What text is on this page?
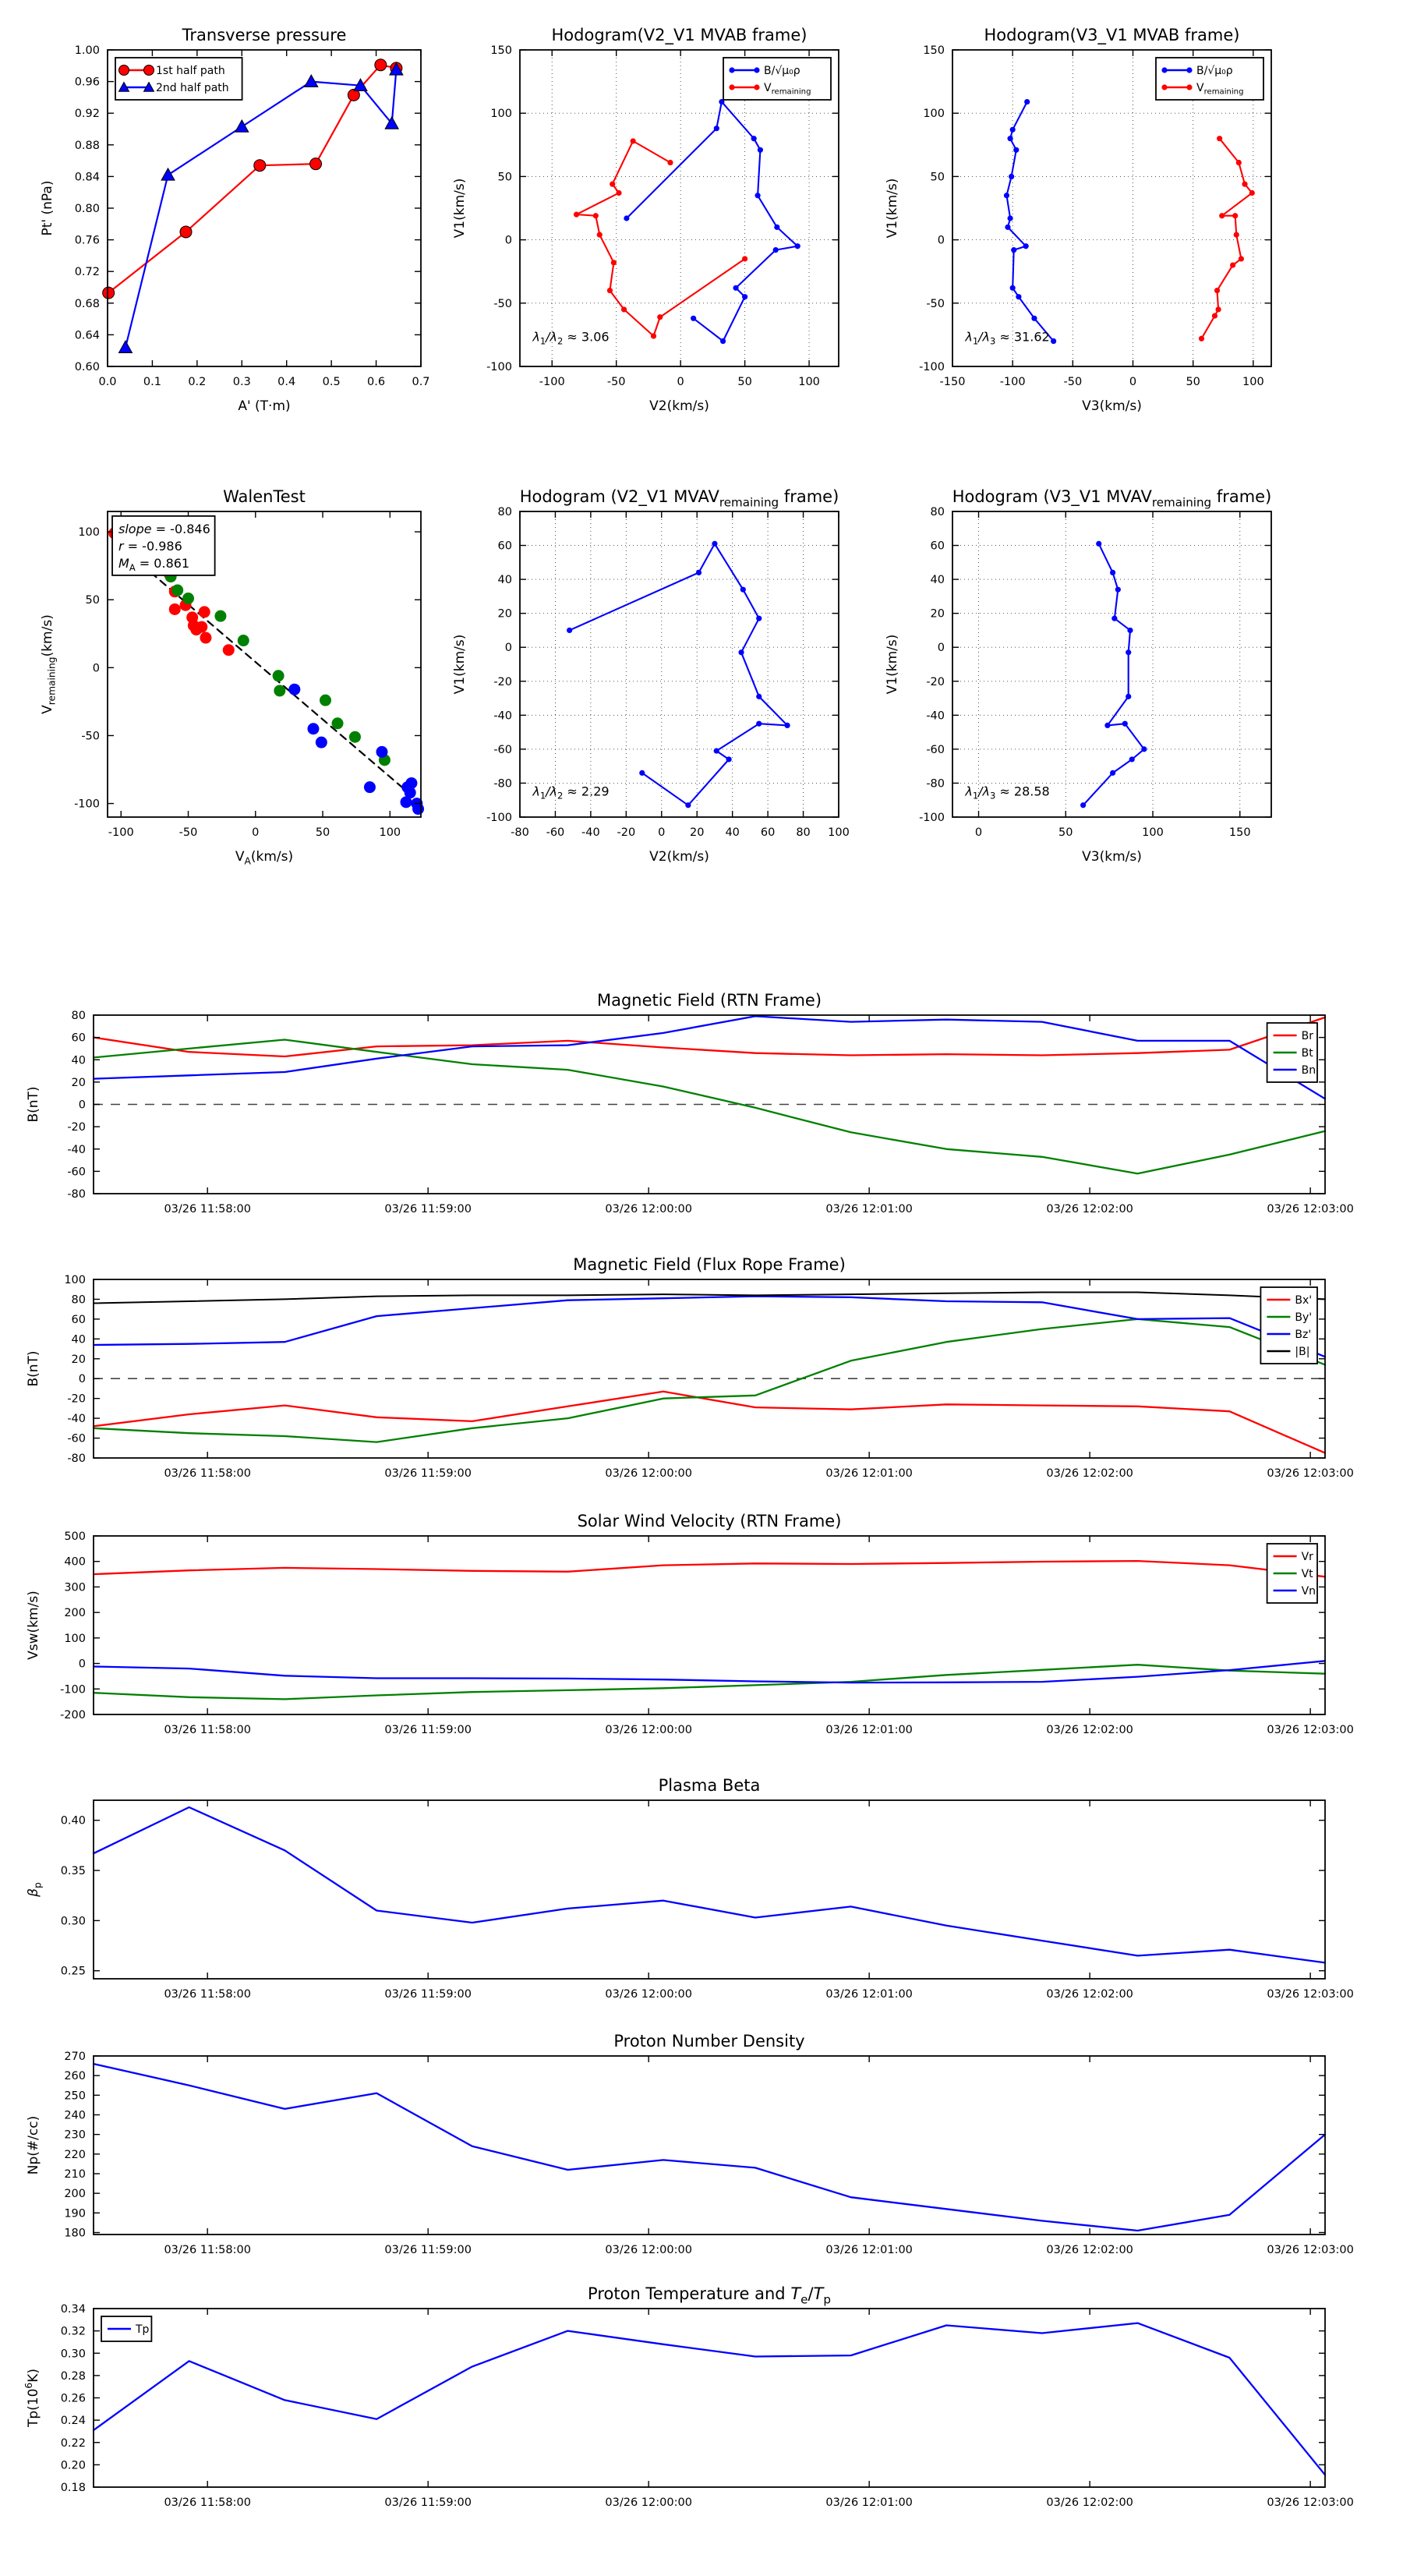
0.0 0.1 0.2 0.3 0.4 0.5 0.6 0.7
0.60
0.64
0.68
0.72
0.76
0.80
0.84
0.88
0.92
0.96
1.00
Transverse pressure
A' (T·m)
Pt' (nPa)
1st half path
2nd half path
-100	-50	0	50	100
-100
-50
0
50
100
150
Hodogram(V2_V1 MVAB frame)
V2(km/s)
V1(km/s)
B/√μ₀ρ
$V_{remaining}$
$\lambda_1/\lambda_2 \approx 3.06$
-150	-100	-50	0	50	100
-100
-50
0
50
100
150
Hodogram(V3_V1 MVAB frame)
V3(km/s)
V1(km/s)
B/√μ₀ρ
$V_{remaining}$
$\lambda_1/\lambda_3 \approx 31.62$
-100	-50	0	50	100
-100
-50
0
50
100
WalenTest
$V_A(km/s)$
$V_{remaining}(km/s)$
slope = -0.846
r = -0.986
$M_A = 0.861$
-80 -60 -40 -20 0 20 40 60 80 100
-100
-80
-60
-40
-20
0
20
40
60
80
Hodogram (V2_V1 $MVAV_{remaining}$ frame)
V2(km/s)
V1(km/s)
$\lambda_1/\lambda_2 \approx 2.29$
0	50	100	150
-100
-80
-60
-40
-20
0
20
40
60
80
Hodogram (V3_V1 $MVAV_{remaining}$ frame)
V3(km/s)
V1(km/s)
$\lambda_1/\lambda_3 \approx 28.58$
03/26 11:58:00	03/26 11:59:00	03/26 12:00:00	03/26 12:01:00	03/26 12:02:00	03/26 12:03:00
-80
-60
-40
-20
0
20
40
60
80
Magnetic Field (RTN Frame)
B(nT)
Br
Bt
Bn
03/26 11:58:00	03/26 11:59:00	03/26 12:00:00	03/26 12:01:00	03/26 12:02:00	03/26 12:03:00
-80
-60
-40
-20
0
20
40
60
80
100
Magnetic Field (Flux Rope Frame)
B(nT)
Bx'
By'
Bz'
|B|
03/26 11:58:00	03/26 11:59:00	03/26 12:00:00	03/26 12:01:00	03/26 12:02:00	03/26 12:03:00
-200
-100
0
100
200
300
400
500
Solar Wind Velocity (RTN Frame)
Vsw(km/s)
Vr
Vt
Vn
03/26 11:58:00	03/26 11:59:00	03/26 12:00:00	03/26 12:01:00	03/26 12:02:00	03/26 12:03:00
0.25
0.30
0.35
0.40
Plasma Beta
$\beta_p$
03/26 11:58:00	03/26 11:59:00	03/26 12:00:00	03/26 12:01:00	03/26 12:02:00	03/26 12:03:00
180
190
200
210
220
230
240
250
260
270
Proton Number Density
Np(#/cc)
03/26 11:58:00	03/26 11:59:00	03/26 12:00:00	03/26 12:01:00	03/26 12:02:00	03/26 12:03:00
0.18
0.20
0.22
0.24
0.26
0.28
0.30
0.32
0.34
Proton Temperature and $T_e/T_p$
$Tp(10^6K)$
Tp
